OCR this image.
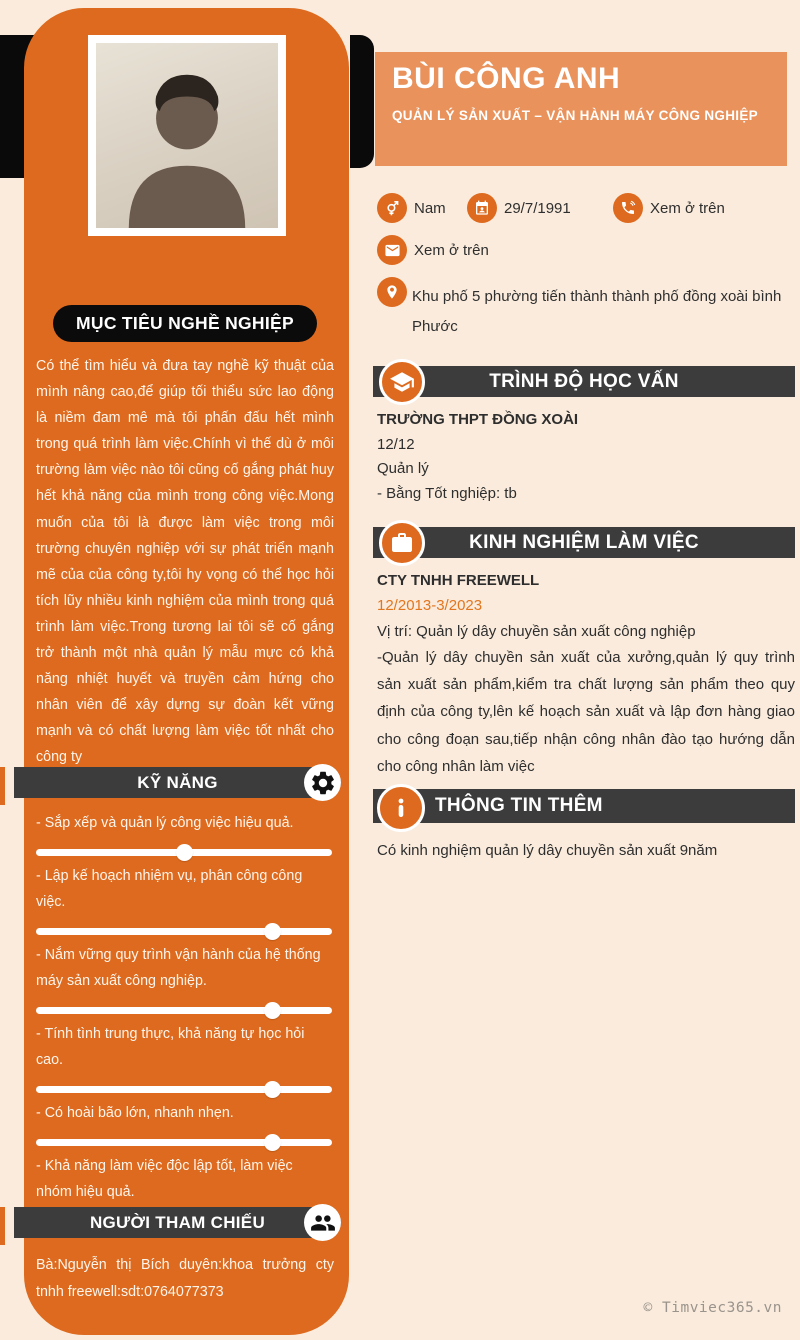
MỤC TIÊU NGHỀ NGHIỆP
Có thể tìm hiểu và đưa tay nghề kỹ thuật của mình nâng cao,để giúp tối thiểu sức lao động là niềm đam mê mà tôi phấn đấu hết mình trong quá trình làm việc.Chính vì thế dù ở môi trường làm việc nào tôi cũng cố gắng phát huy hết khả năng của mình trong công việc.Mong muốn của tôi là được làm việc trong môi trường chuyên nghiệp với sự phát triển mạnh mẽ của của công ty,tôi hy vọng có thể học hỏi tích lũy nhiều kinh nghiệm của mình trong quá trình làm việc.Trong tương lai tôi sẽ cố gắng trở thành một nhà quản lý mẫu mực có khả năng nhiệt huyết và truyền cảm hứng cho nhân viên để xây dựng sự đoàn kết vững mạnh và có chất lượng làm việc tốt nhất cho công ty
KỸ NĂNG
- Sắp xếp và quản lý công việc hiệu quả.
- Lập kế hoạch nhiệm vụ, phân công công việc.
- Nắm vững quy trình vận hành của hệ thống máy sản xuất công nghiệp.
- Tính tình trung thực, khả năng tự học hỏi cao.
- Có hoài bão lớn, nhanh nhẹn.
- Khả năng làm việc độc lập tốt, làm việc nhóm hiệu quả.
NGƯỜI THAM CHIẾU
Bà:Nguyễn thị Bích duyên:khoa trưởng cty tnhh freewell:sdt:0764077373
BÙI CÔNG ANH
QUẢN LÝ SẢN XUẤT – VẬN HÀNH MÁY CÔNG NGHIỆP
Nam	29/7/1991	Xem ở trên
Xem ở trên
Khu phố 5 phường tiến thành thành phố đồng xoài bình Phước
TRÌNH ĐỘ HỌC VẤN
TRƯỜNG THPT ĐỒNG XOÀI
12/12
Quản lý
- Bằng Tốt nghiệp: tb
KINH NGHIỆM LÀM VIỆC
CTY TNHH FREEWELL
12/2013-3/2023
Vị trí: Quản lý dây chuyền sản xuất công nghiệp
-Quản lý dây chuyền sản xuất của xưởng,quản lý quy trình sản xuất sản phẩm,kiểm tra chất lượng sản phẩm theo quy định của công ty,lên kế hoạch sản xuất và lập đơn hàng giao cho công đoạn sau,tiếp nhận công nhân đào tạo hướng dẫn cho công nhân làm việc
THÔNG TIN THÊM
Có kinh nghiệm quản lý dây chuyền sản xuất 9năm
© Timviec365.vn
